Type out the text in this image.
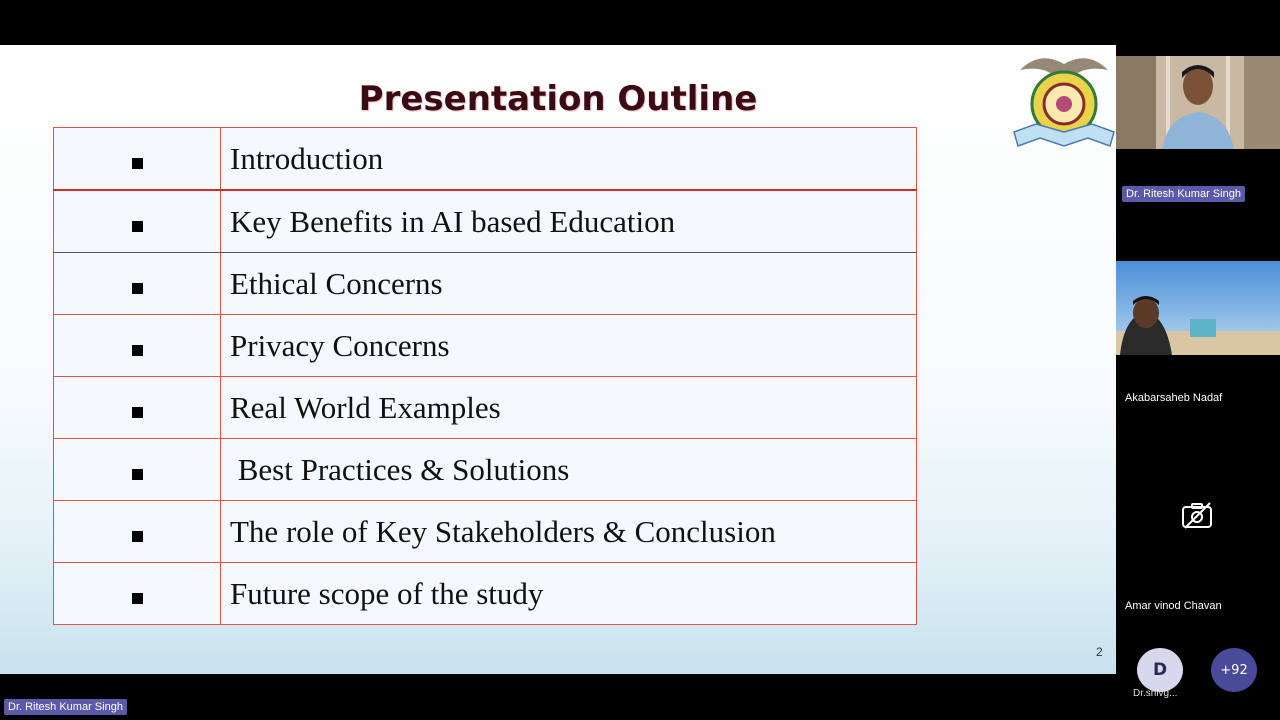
Presentation Outline
	Introduction
	Key Benefits in AI based Education
	Ethical Concerns
	Privacy Concerns
	Real World Examples
	Best Practices & Solutions
	The role of Key Stakeholders & Conclusion
	Future scope of the study
2
Dr. Ritesh Kumar Singh
Akabarsaheb Nadaf
Amar vinod Chavan
D
Dr.shivg...
+92
Dr. Ritesh Kumar Singh
